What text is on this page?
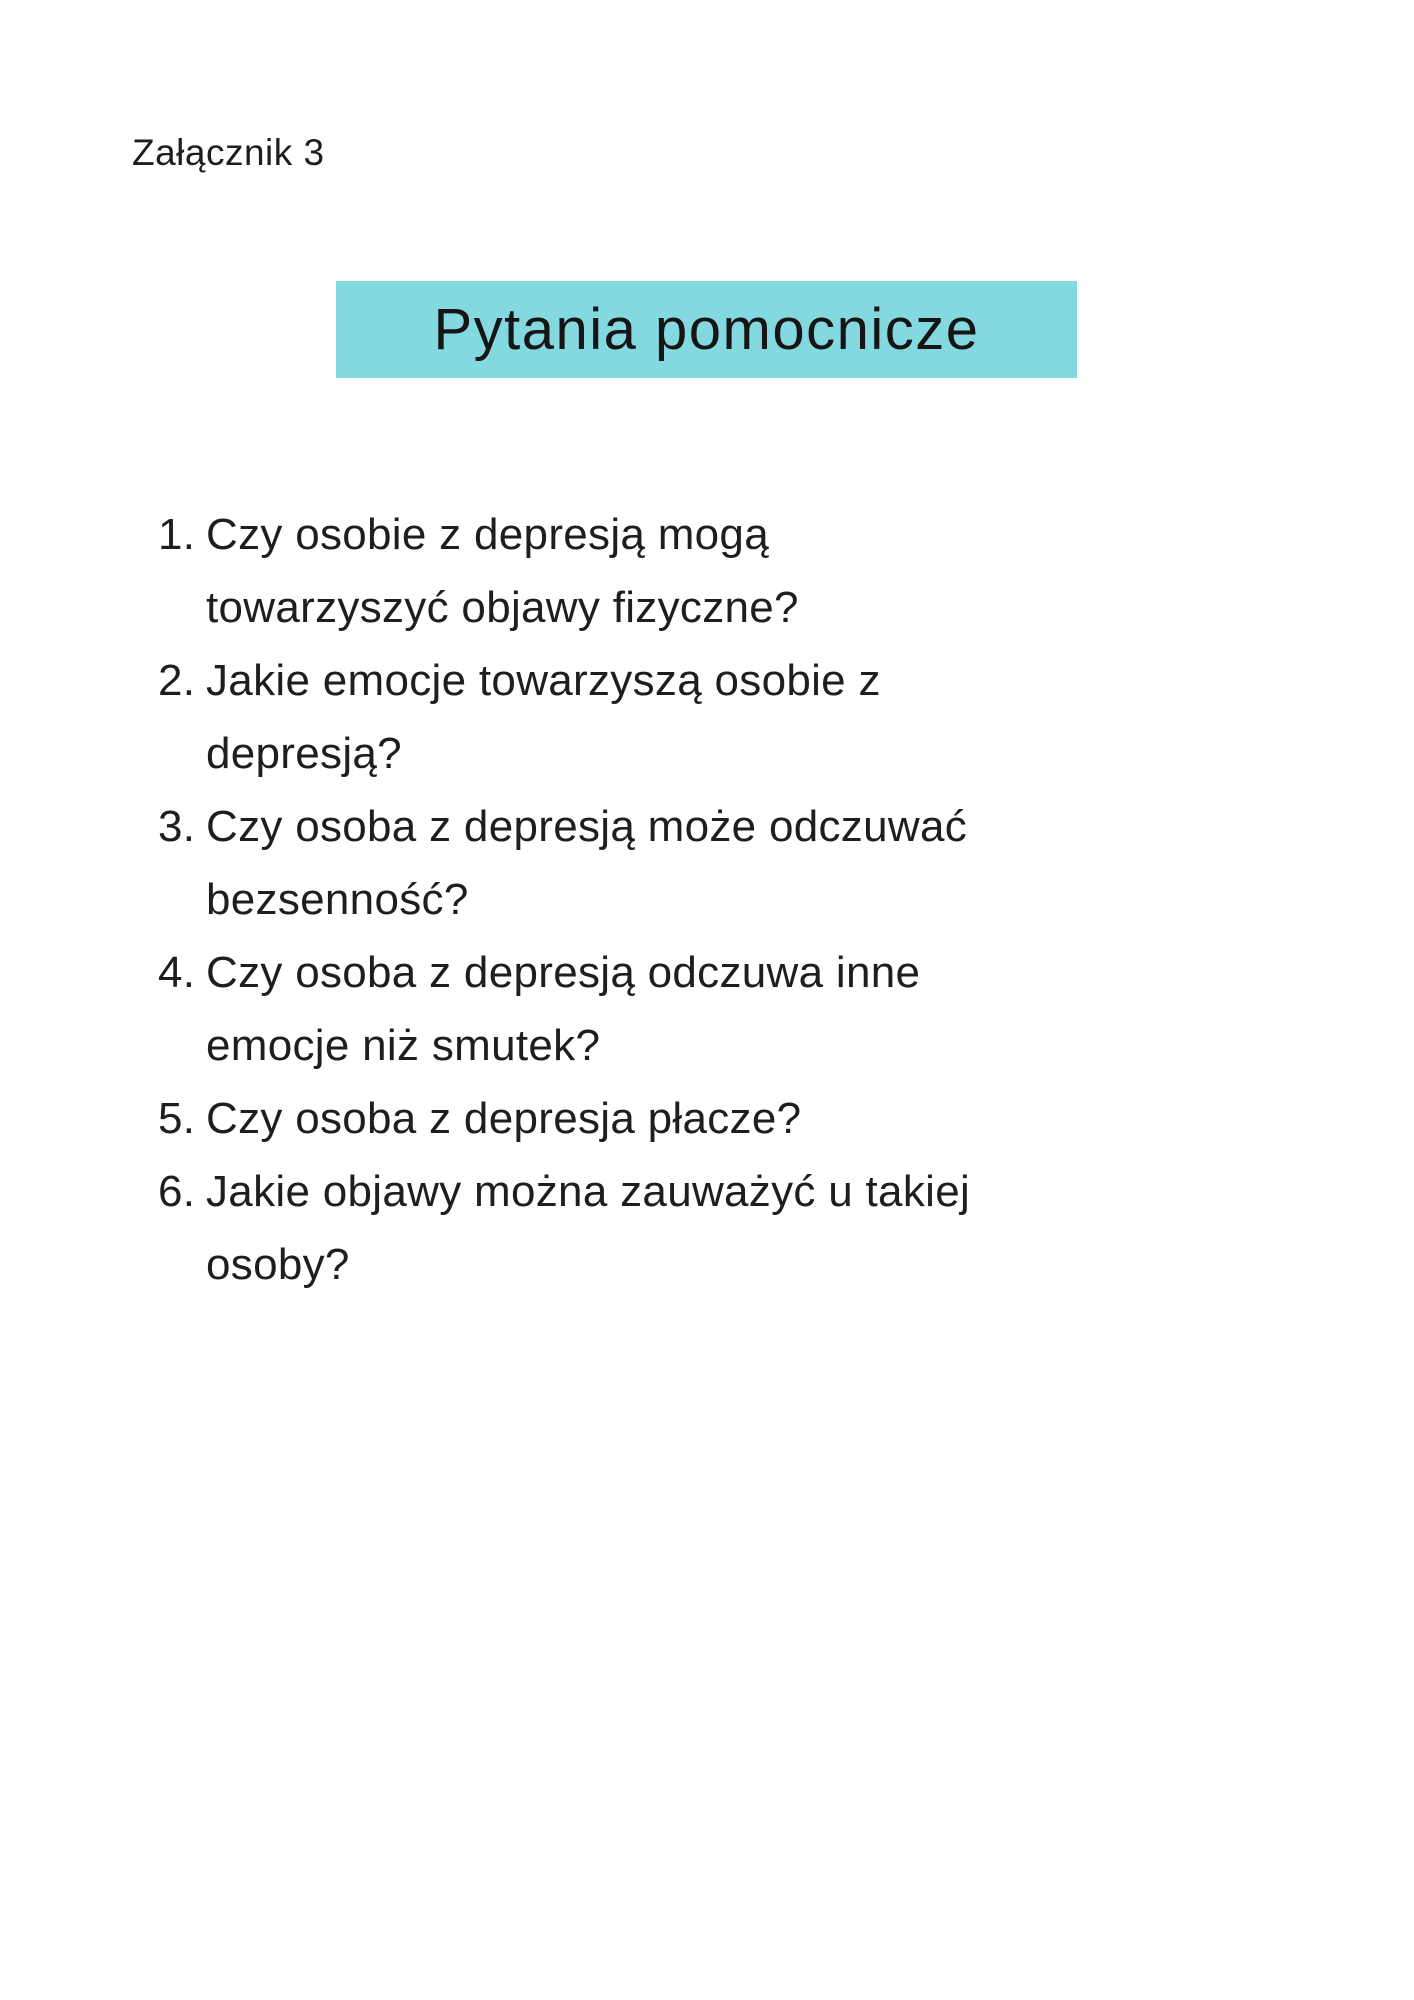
Załącznik 3
Pytania pomocnicze
1. Czy osobie z depresją mogą
towarzyszyć objawy fizyczne?
2. Jakie emocje towarzyszą osobie z
depresją?
3. Czy osoba z depresją może odczuwać
bezsenność?
4. Czy osoba z depresją odczuwa inne
emocje niż smutek?
5. Czy osoba z depresja płacze?
6. Jakie objawy można zauważyć u takiej
osoby?
